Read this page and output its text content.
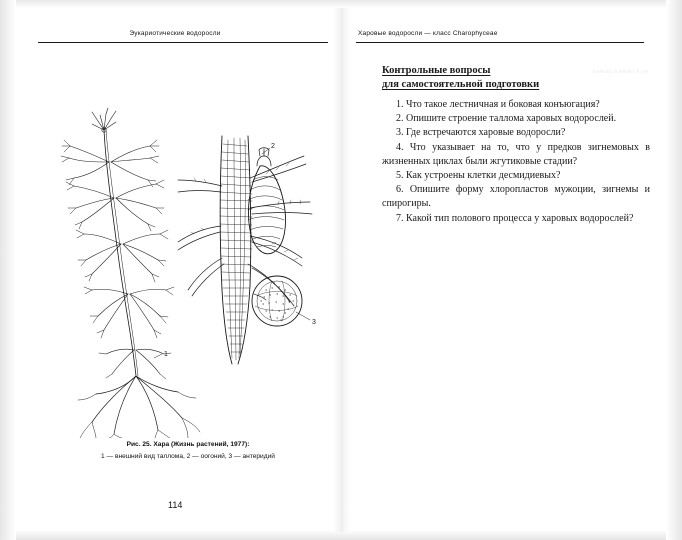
Эукариотические водоросли
1
2
3
Рис. 25. Хара (Жизнь растений, 1977):
1 — внешний вид таллома, 2 — оогоний, 3 — антеридий
114
Харовые водоросли — класс Charophyceae
но а также в разных
Контрольные вопросы
для самостоятельной подготовки

1. Что такое лестничная и боковая конъюгация?

2. Опишите строение таллома харовых водорослей.

3. Где встречаются харовые водоросли?

4. Что указывает на то, что у предков зигнемовых в жизненных циклах были жгутиковые стадии?

5. Как устроены клетки десмидиевых?

6. Опишите форму хлоропластов мужоции, зигнемы и спирогиры.

7. Какой тип полового процесса у харовых водорослей?
